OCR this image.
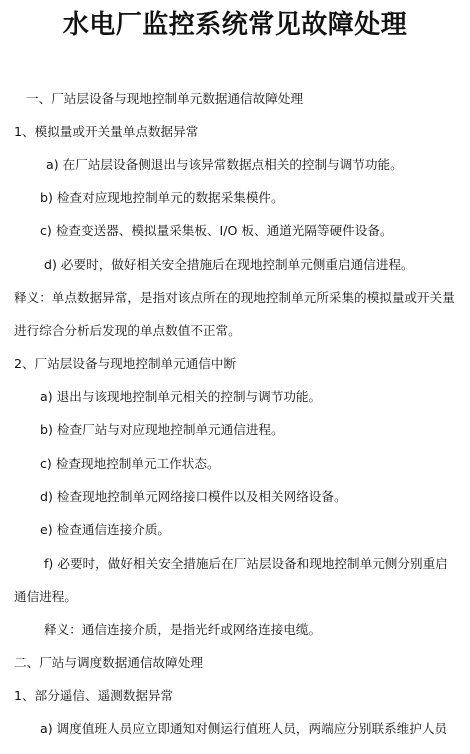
水电厂监控系统常见故障处理
一、厂站层设备与现地控制单元数据通信故障处理
1、模拟量或开关量单点数据异常
a) 在厂站层设备侧退出与该异常数据点相关的控制与调节功能。
b) 检查对应现地控制单元的数据采集模件。
c) 检查变送器、模拟量采集板、I/O 板、通道光隔等硬件设备。
d) 必要时，做好相关安全措施后在现地控制单元侧重启通信进程。
释义：单点数据异常，是指对该点所在的现地控制单元所采集的模拟量或开关量
进行综合分析后发现的单点数值不正常。
2、厂站层设备与现地控制单元通信中断
a) 退出与该现地控制单元相关的控制与调节功能。
b) 检查厂站与对应现地控制单元通信进程。
c) 检查现地控制单元工作状态。
d) 检查现地控制单元网络接口模件以及相关网络设备。
e) 检查通信连接介质。
f) 必要时，做好相关安全措施后在厂站层设备和现地控制单元侧分别重启
通信进程。
释义：通信连接介质，是指光纤或网络连接电缆。
二、厂站与调度数据通信故障处理
1、部分遥信、遥测数据异常
a) 调度值班人员应立即通知对侧运行值班人员，两端应分别联系维护人员
